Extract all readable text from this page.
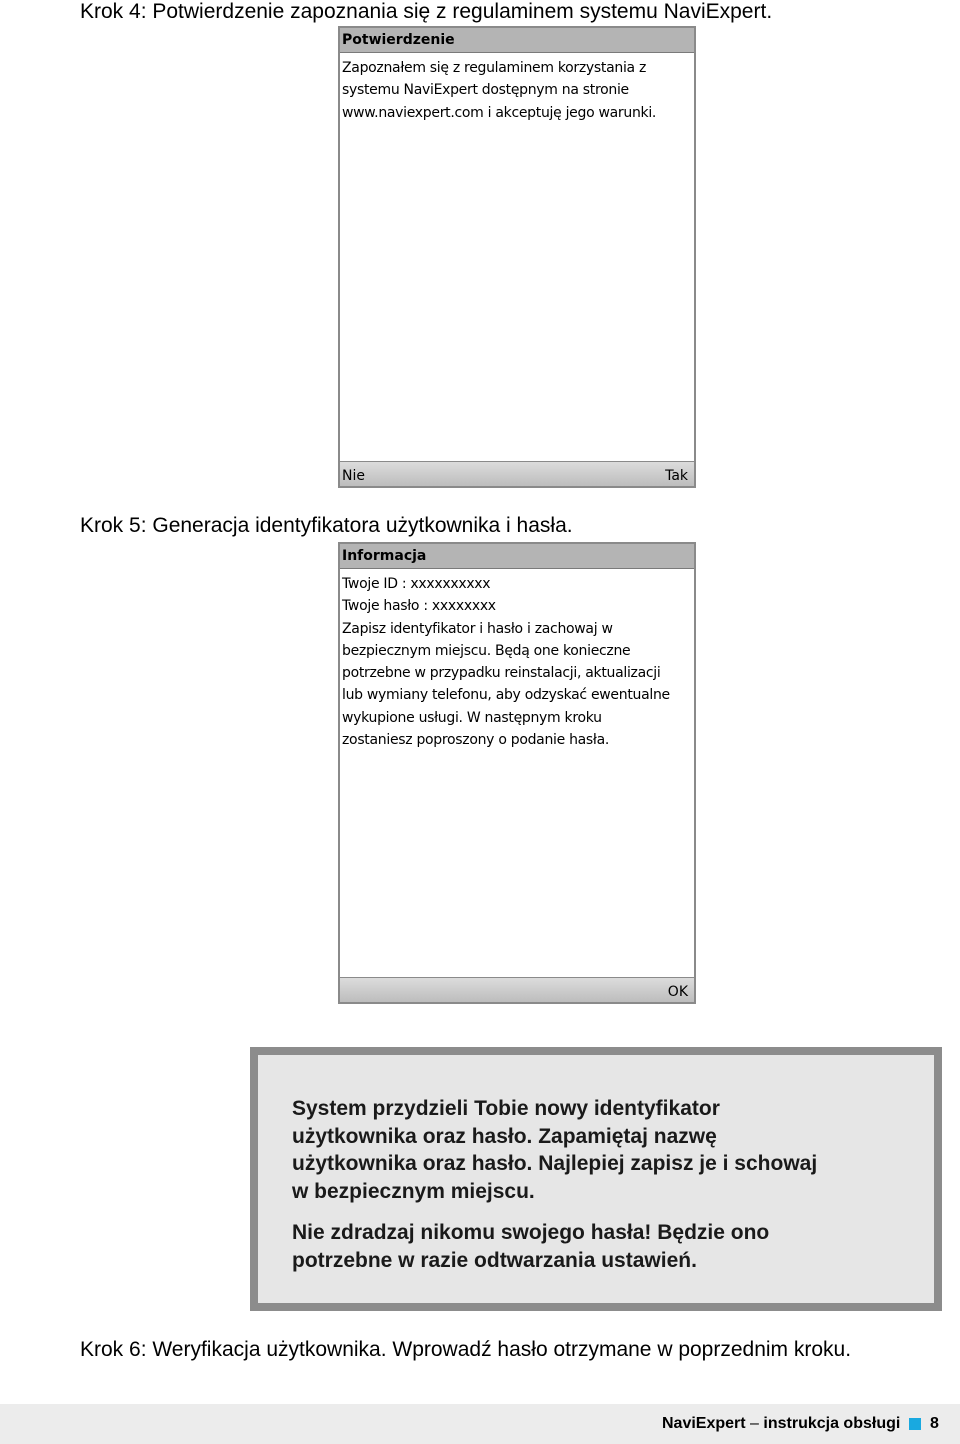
Krok 4: Potwierdzenie zapoznania się z regulaminem systemu NaviExpert.
Potwierdzenie
Zapoznałem się z regulaminem korzystania z
systemu NaviExpert dostępnym na stronie
www.naviexpert.com i akceptuję jego warunki.
Nie	Tak
Krok 5: Generacja identyfikatora użytkownika i hasła.
Informacja
Twoje ID : xxxxxxxxxx
Twoje hasło : xxxxxxxx
Zapisz identyfikator i hasło i zachowaj w
bezpiecznym miejscu. Będą one konieczne
potrzebne w przypadku reinstalacji, aktualizacji
lub wymiany telefonu, aby odzyskać ewentualne
wykupione usługi. W następnym kroku
zostaniesz poproszony o podanie hasła.
OK

System przydzieli Tobie nowy identyfikator
użytkownika oraz hasło. Zapamiętaj nazwę
użytkownika oraz hasło. Najlepiej zapisz je i schowaj
w bezpiecznym miejscu.

Nie zdradzaj nikomu swojego hasła! Będzie ono
potrzebne w razie odtwarzania ustawień.

Krok 6: Weryfikacja użytkownika. Wprowadź hasło otrzymane w poprzednim kroku.
NaviExpert – instrukcja obsługi 8
